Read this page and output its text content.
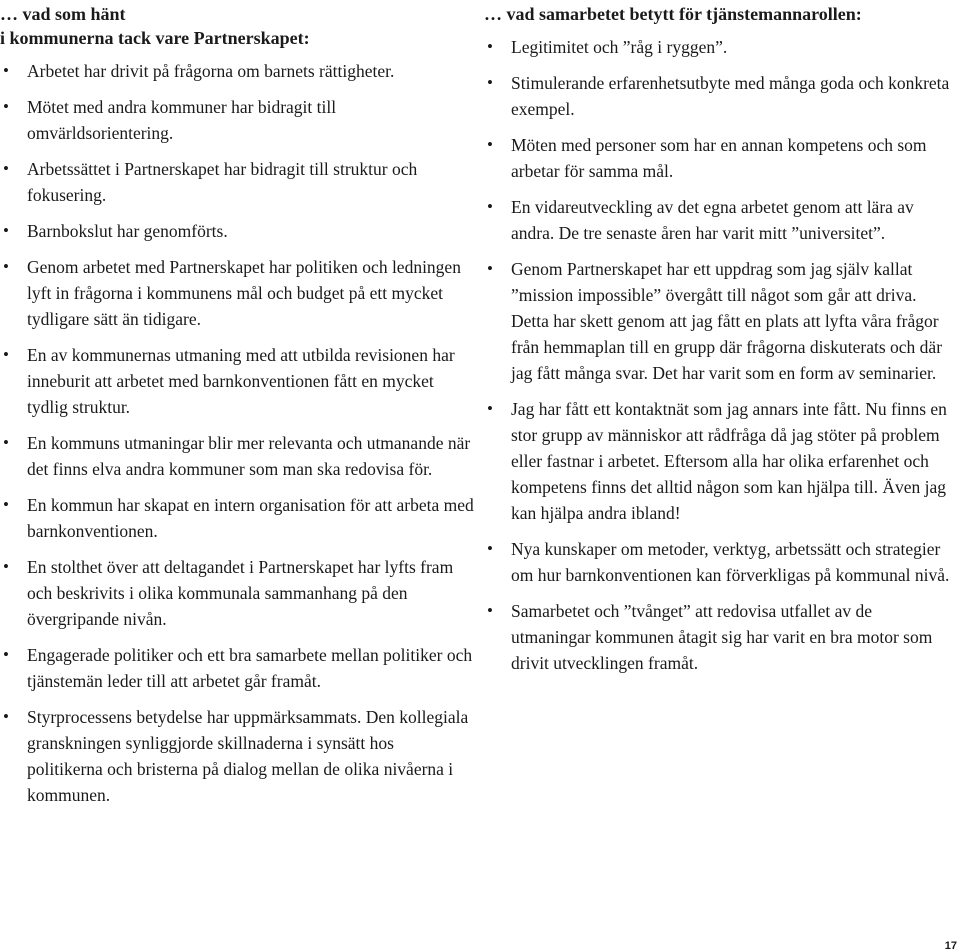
… vad som hänt
i kommunerna tack vare Partnerskapet:
• Arbetet har drivit på frågorna om barnets rättigheter.
• Mötet med andra kommuner har bidragit till omvärldsorientering.
• Arbetssättet i Partnerskapet har bidragit till struktur och fokusering.
• Barnbokslut har genomförts.
• Genom arbetet med Partnerskapet har politiken och ledningen lyft in frågorna i kommunens mål och budget på ett mycket tydligare sätt än tidigare.
• En av kommunernas utmaning med att utbilda revisionen har inneburit att arbetet med barnkonventionen fått en mycket tydlig struktur.
• En kommuns utmaningar blir mer relevanta och utmanande när det finns elva andra kommuner som man ska redovisa för.
• En kommun har skapat en intern organisation för att arbeta med barnkonventionen.
• En stolthet över att deltagandet i Partnerskapet har lyfts fram och beskrivits i olika kommunala sammanhang på den övergripande nivån.
• Engagerade politiker och ett bra samarbete mellan politiker och tjänstemän leder till att arbetet går framåt.
• Styrprocessens betydelse har uppmärksammats. Den kollegiala granskningen synliggjorde skillnaderna i synsätt hos politikerna och bristerna på dialog mellan de olika nivåerna i kommunen.
… vad samarbetet betytt för tjänstemannarollen:
• Legitimitet och ”råg i ryggen”.
• Stimulerande erfarenhetsutbyte med många goda och konkreta exempel.
• Möten med personer som har en annan kompetens och som arbetar för samma mål.
• En vidareutveckling av det egna arbetet genom att lära av andra. De tre senaste åren har varit mitt ”universitet”.
• Genom Partnerskapet har ett uppdrag som jag själv kallat ”mission impossible” övergått till något som går att driva. Detta har skett genom att jag fått en plats att lyfta våra frågor från hemmaplan till en grupp där frågorna diskuterats och där jag fått många svar. Det har varit som en form av seminarier.
• Jag har fått ett kontaktnät som jag annars inte fått. Nu finns en stor grupp av människor att rådfråga då jag stöter på problem eller fastnar i arbetet. Eftersom alla har olika erfarenhet och kompetens finns det alltid någon som kan hjälpa till. Även jag kan hjälpa andra ibland!
• Nya kunskaper om metoder, verktyg, arbetssätt och strategier om hur barnkonventionen kan förverkligas på kommunal nivå.
• Samarbetet och ”tvånget” att redovisa utfallet av de utmaningar kommunen åtagit sig har varit en bra motor som drivit utvecklingen framåt.
17
